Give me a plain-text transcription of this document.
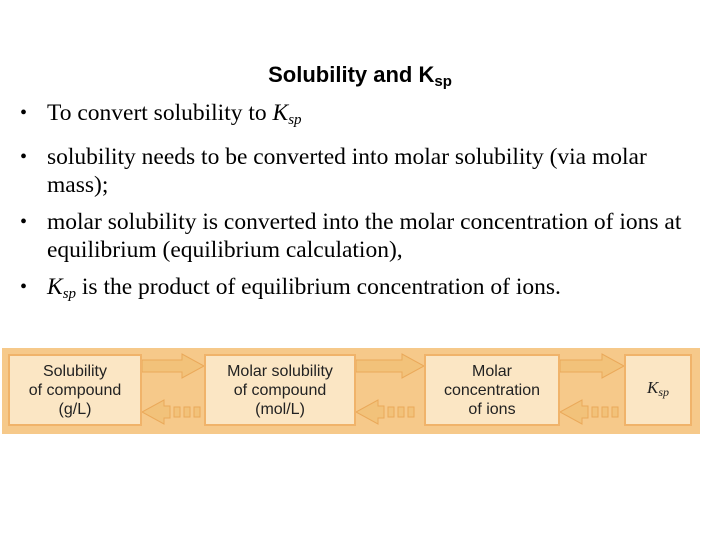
Solubility and $K_{sp}$
• To convert solubility to $K_{sp}$
• solubility needs to be converted into molar solubility (via molar mass);
• molar solubility is converted into the molar concentration of ions at equilibrium (equilibrium calculation),
• $K_{sp}$ is the product of equilibrium concentration of ions.
Solubility
of compound
(g/L)
Molar solubility
of compound
(mol/L)
Molar
concentration
of ions
$K_{sp}$
